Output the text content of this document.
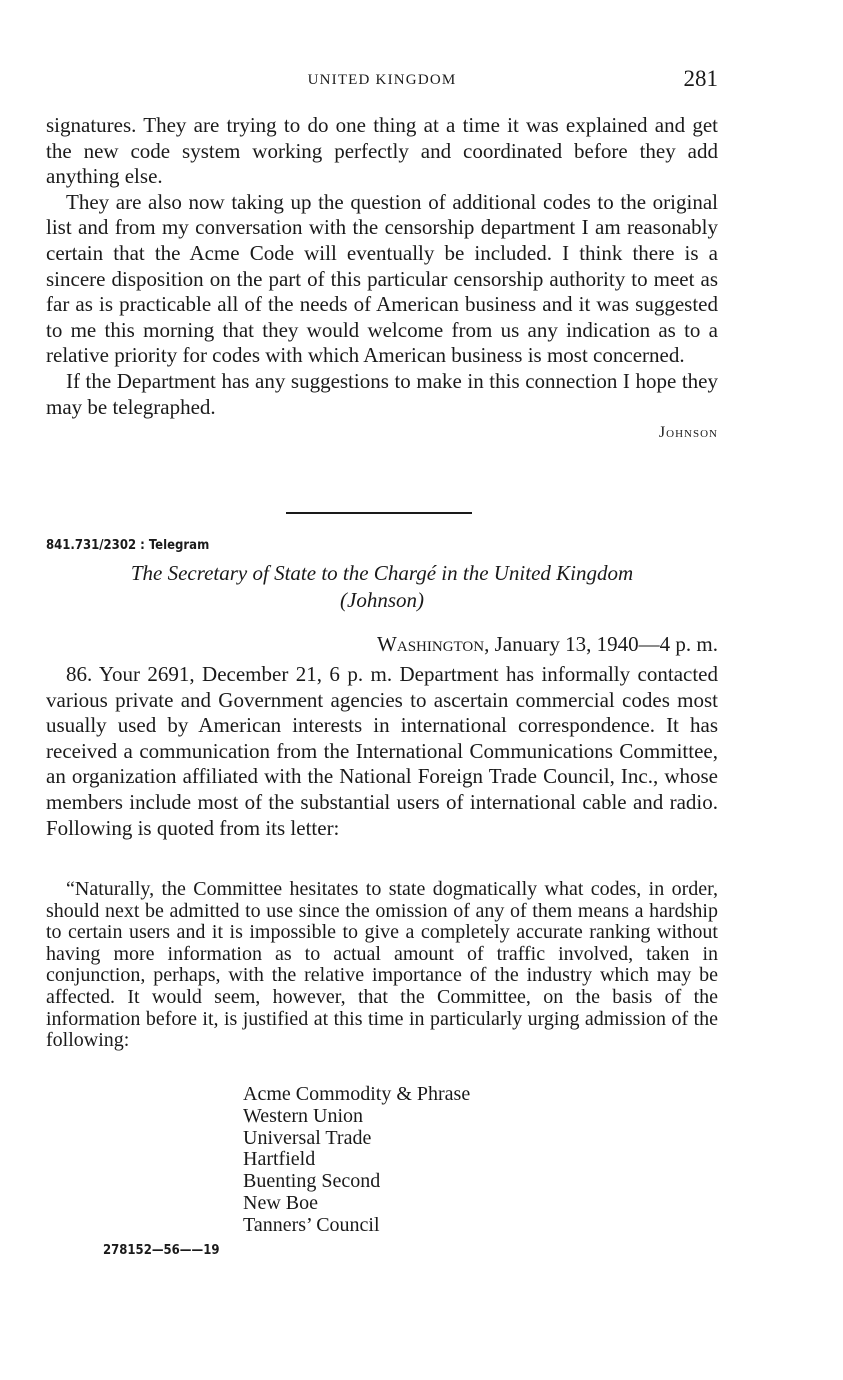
UNITED KINGDOM	281

signatures. They are trying to do one thing at a time it was explained and get the new code system working perfectly and coordinated before they add anything else.

They are also now taking up the question of additional codes to the original list and from my conversation with the censorship department I am reasonably certain that the Acme Code will eventually be included. I think there is a sincere disposition on the part of this particular censorship authority to meet as far as is practicable all of the needs of American business and it was suggested to me this morning that they would welcome from us any indication as to a relative priority for codes with which American business is most concerned.

If the Department has any suggestions to make in this connection I hope they may be telegraphed.

Johnson
841.731/2302 : Telegram
The Secretary of State to the Chargé in the United Kingdom
(Johnson)
Washington, January 13, 1940—4 p. m.

86. Your 2691, December 21, 6 p. m. Department has informally contacted various private and Government agencies to ascertain commercial codes most usually used by American interests in international correspondence. It has received a communication from the International Communications Committee, an organization affiliated with the National Foreign Trade Council, Inc., whose members include most of the substantial users of international cable and radio. Following is quoted from its letter:

“Naturally, the Committee hesitates to state dogmatically what codes, in order, should next be admitted to use since the omission of any of them means a hardship to certain users and it is impossible to give a completely accurate ranking without having more information as to actual amount of traffic involved, taken in conjunction, perhaps, with the relative importance of the industry which may be affected. It would seem, however, that the Committee, on the basis of the information before it, is justified at this time in particularly urging admission of the following:

Acme Commodity & Phrase
Western Union
Universal Trade
Hartfield
Buenting Second
New Boe
Tanners’ Council
278152—56——19
